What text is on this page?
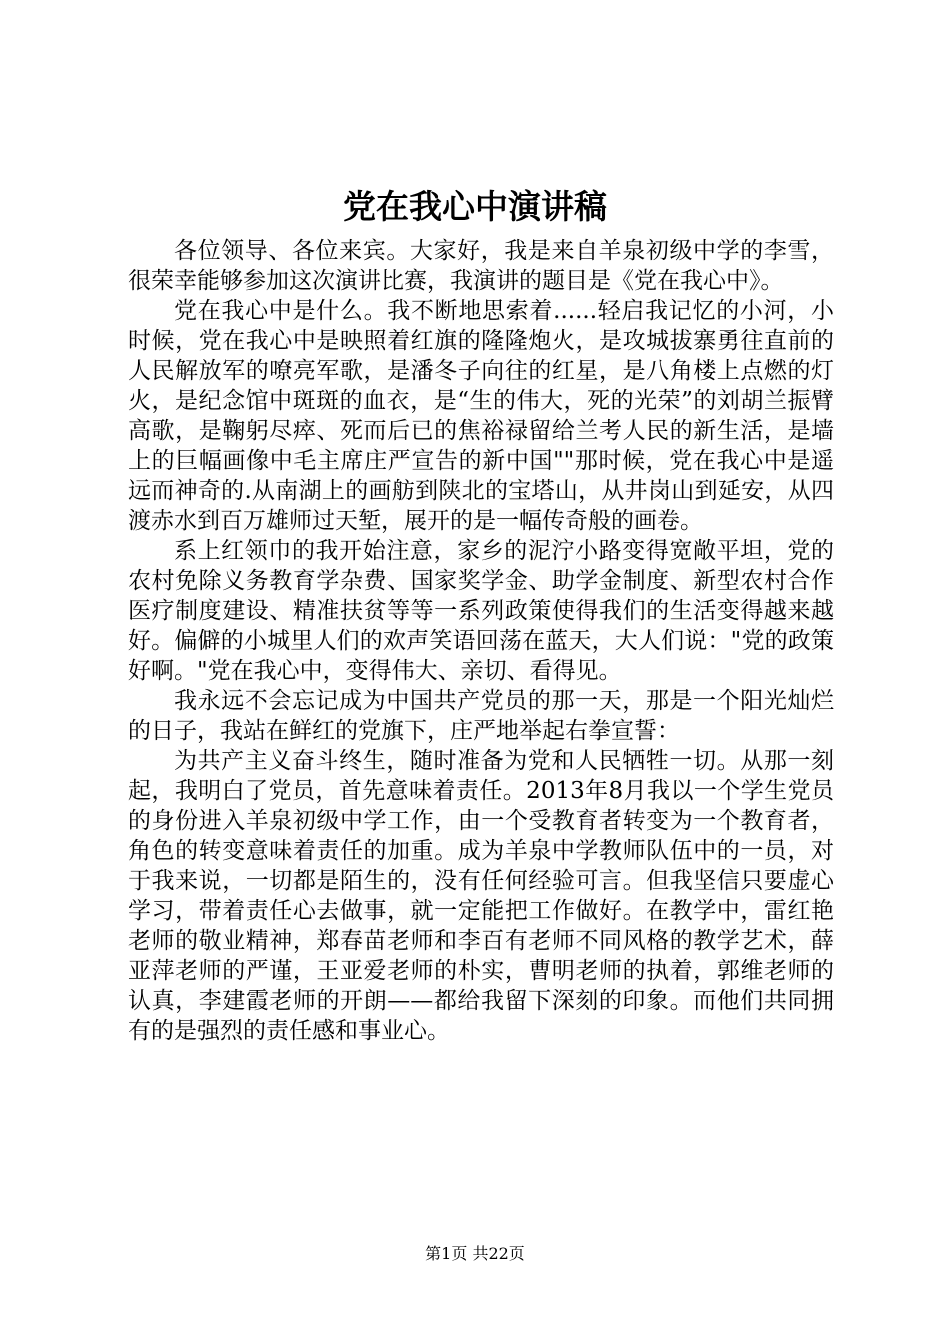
党在我心中演讲稿

各位领导、各位来宾。大家好，我是来自羊泉初级中学的李雪，很荣幸能够参加这次演讲比赛，我演讲的题目是《党在我心中》。

党在我心中是什么。我不断地思索着......轻启我记忆的小河，小时候，党在我心中是映照着红旗的隆隆炮火，是攻城拔寨勇往直前的人民解放军的嘹亮军歌，是潘冬子向往的红星，是八角楼上点燃的灯火，是纪念馆中斑斑的血衣，是“生的伟大，死的光荣”的刘胡兰振臂高歌，是鞠躬尽瘁、死而后已的焦裕禄留给兰考人民的新生活，是墙上的巨幅画像中毛主席庄严宣告的新中国""那时候，党在我心中是遥远而神奇的.从南湖上的画舫到陕北的宝塔山，从井岗山到延安，从四渡赤水到百万雄师过天堑，展开的是一幅传奇般的画卷。

系上红领巾的我开始注意，家乡的泥泞小路变得宽敞平坦，党的农村免除义务教育学杂费、国家奖学金、助学金制度、新型农村合作医疗制度建设、精准扶贫等等一系列政策使得我们的生活变得越来越好。偏僻的小城里人们的欢声笑语回荡在蓝天，大人们说："党的政策好啊。"党在我心中，变得伟大、亲切、看得见。

我永远不会忘记成为中国共产党员的那一天，那是一个阳光灿烂的日子，我站在鲜红的党旗下，庄严地举起右拳宣誓：

为共产主义奋斗终生，随时准备为党和人民牺牲一切。从那一刻起，我明白了党员，首先意味着责任。2013年8月我以一个学生党员的身份进入羊泉初级中学工作，由一个受教育者转变为一个教育者，角色的转变意味着责任的加重。成为羊泉中学教师队伍中的一员，对于我来说，一切都是陌生的，没有任何经验可言。但我坚信只要虚心学习，带着责任心去做事，就一定能把工作做好。在教学中，雷红艳老师的敬业精神，郑春苗老师和李百有老师不同风格的教学艺术，薛亚萍老师的严谨，王亚爱老师的朴实，曹明老师的执着，郭维老师的认真，李建霞老师的开朗——都给我留下深刻的印象。而他们共同拥有的是强烈的责任感和事业心。

第1页 共22页
